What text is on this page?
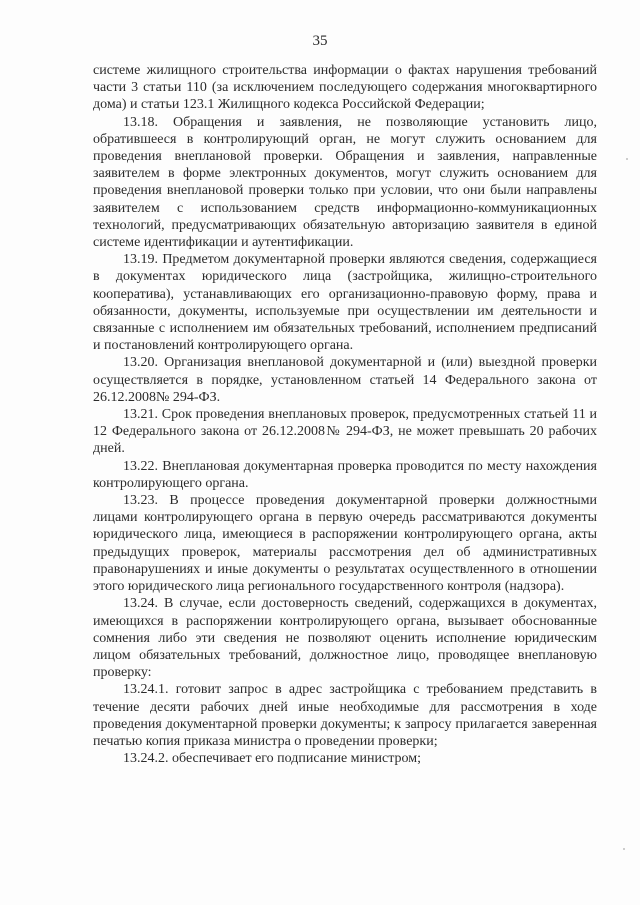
35

системе жилищного строительства информации о фактах нарушения требований части 3 статьи 110 (за исключением последующего содержания многоквартирного дома) и статьи 123.1 Жилищного кодекса Российской Федерации;

13.18. Обращения и заявления, не позволяющие установить лицо, обратившееся в контролирующий орган, не могут служить основанием для проведения внеплановой проверки. Обращения и заявления, направленные заявителем в форме электронных документов, могут служить основанием для проведения внеплановой проверки только при условии, что они были направлены заявителем с использованием средств информационно-коммуникационных технологий, предусматривающих обязательную авторизацию заявителя в единой системе идентификации и аутентификации.

13.19. Предметом документарной проверки являются сведения, содержащиеся в документах юридического лица (застройщика, жилищно-строительного кооператива), устанавливающих его организационно-правовую форму, права и обязанности, документы, используемые при осуществлении им деятельности и связанные с исполнением им обязательных требований, исполнением предписаний и постановлений контролирующего органа.

13.20. Организация внеплановой документарной и (или) выездной проверки осуществляется в порядке, установленном статьей 14 Федерального закона от 26.12.2008№ 294-ФЗ.

13.21. Срок проведения внеплановых проверок, предусмотренных статьей 11 и 12 Федерального закона от 26.12.2008№ 294-ФЗ, не может превышать 20 рабочих дней.

13.22. Внеплановая документарная проверка проводится по месту нахождения контролирующего органа.

13.23. В процессе проведения документарной проверки должностными лицами контролирующего органа в первую очередь рассматриваются документы юридического лица, имеющиеся в распоряжении контролирующего органа, акты предыдущих проверок, материалы рассмотрения дел об административных правонарушениях и иные документы о результатах осуществленного в отношении этого юридического лица регионального государственного контроля (надзора).

13.24. В случае, если достоверность сведений, содержащихся в документах, имеющихся в распоряжении контролирующего органа, вызывает обоснованные сомнения либо эти сведения не позволяют оценить исполнение юридическим лицом обязательных требований, должностное лицо, проводящее внеплановую проверку:

13.24.1. готовит запрос в адрес застройщика с требованием представить в течение десяти рабочих дней иные необходимые для рассмотрения в ходе проведения документарной проверки документы; к запросу прилагается заверенная печатью копия приказа министра о проведении проверки;

13.24.2. обеспечивает его подписание министром;
